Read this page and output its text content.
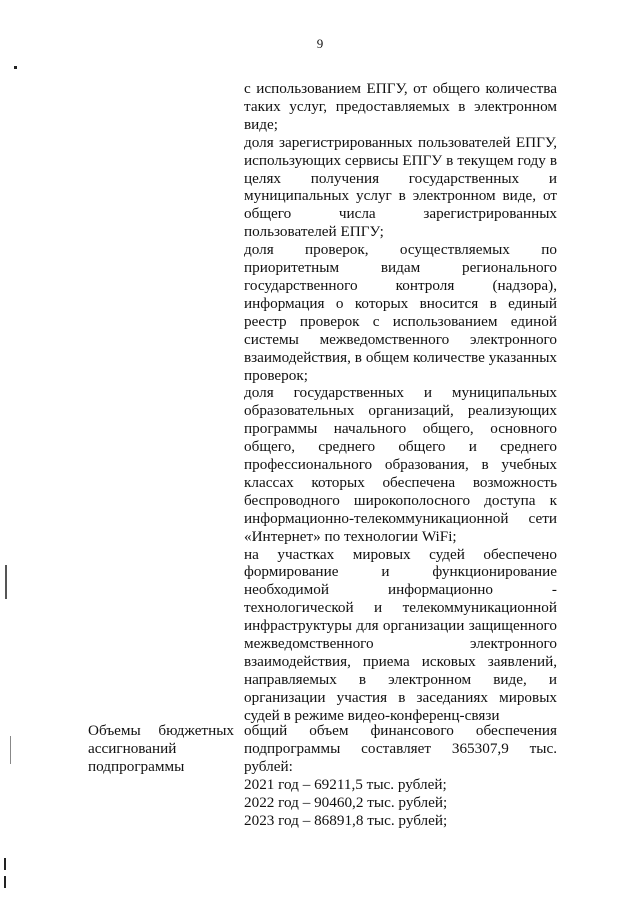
9

с использованием ЕПГУ, от общего количества таких услуг, предоставляемых в электронном виде;

доля зарегистрированных пользователей ЕПГУ, использующих сервисы ЕПГУ в текущем году в целях получения государственных и муниципальных услуг в электронном виде, от общего числа зарегистрированных пользователей ЕПГУ;

доля проверок, осуществляемых по приоритетным видам регионального государственного контроля (надзора), информация о которых вносится в единый реестр проверок с использованием единой системы межведомственного электронного взаимодействия, в общем количестве указанных проверок;

доля государственных и муниципальных образовательных организаций, реализующих программы начального общего, основного общего, среднего общего и среднего профессионального образования, в учебных классах которых обеспечена возможность беспроводного широкополосного доступа к информационно-телекоммуникационной сети «Интернет» по технологии WiFi;

на участках мировых судей обеспечено формирование и функционирование необходимой информационно - технологической и телекоммуникационной инфраструктуры для организации защищенного межведомственного электронного взаимодействия, приема исковых заявлений, направляемых в электронном виде, и организации участия в заседаниях мировых судей в режиме видео-конференц-связи

Объемы бюджетных ассигнований подпрограммы

общий объем финансового обеспечения подпрограммы составляет 365307,9 тыс. рублей:

2021 год – 69211,5 тыс. рублей;

2022 год – 90460,2 тыс. рублей;

2023 год – 86891,8 тыс. рублей;
